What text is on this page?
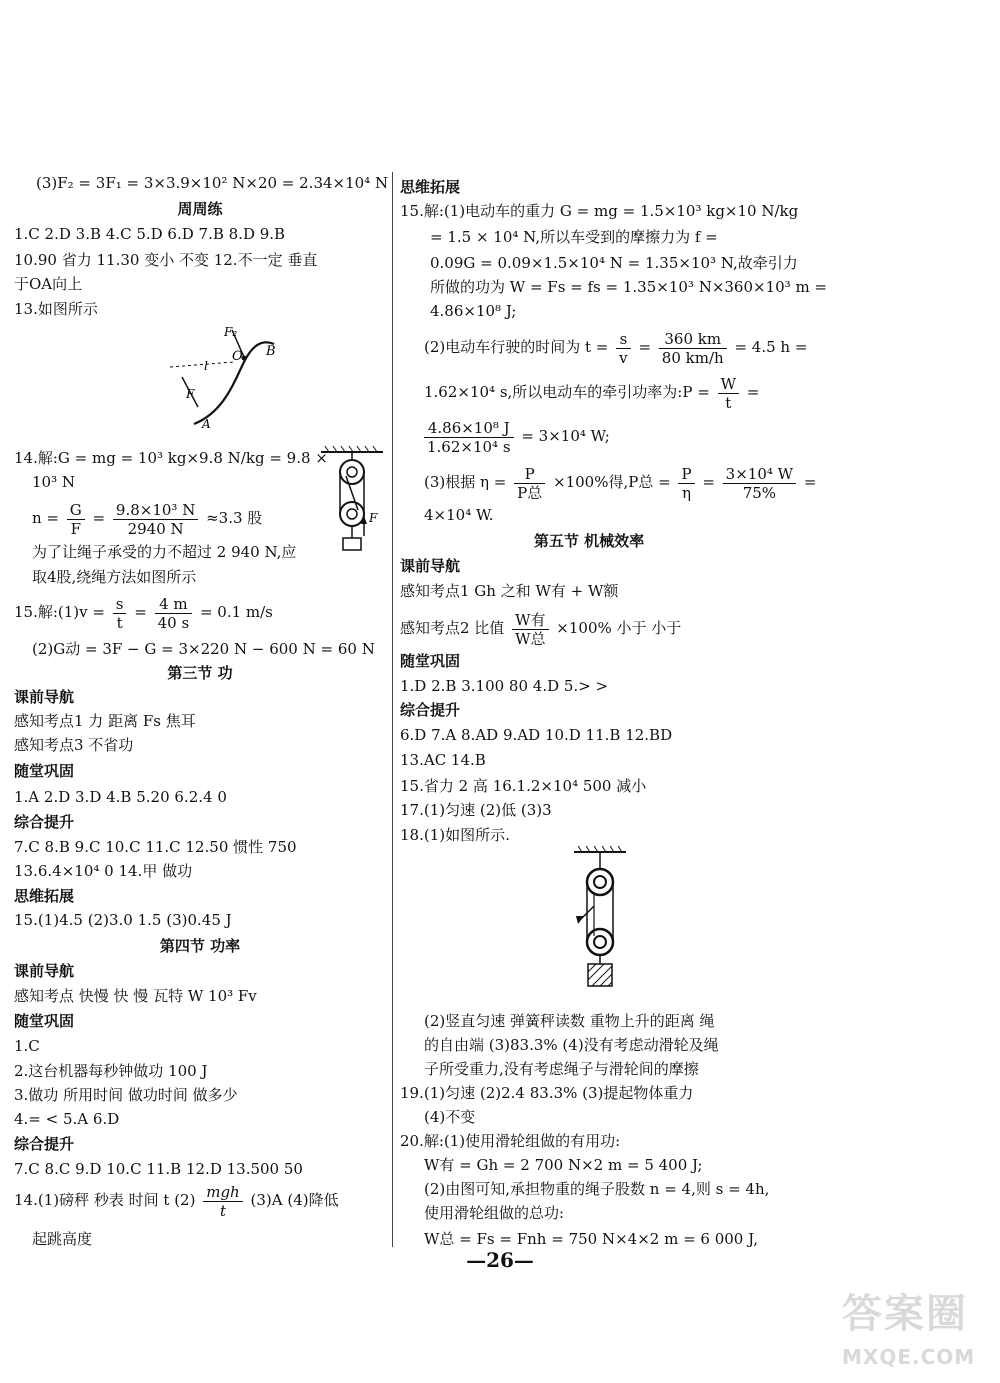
(3)F₂ = 3F₁ = 3×3.9×10² N×20 = 2.34×10⁴ N
周周练
1.C 2.D 3.B 4.C 5.D 6.D 7.B 8.D 9.B
10.90 省力 11.30 变小 不变 12.不一定 垂直
于OA向上
13.如图所示
F₂
O B
l
F
A
14.解:G = mg = 10³ kg×9.8 N/kg = 9.8 ×
10³ N
$n = \frac{G}{F} = \frac{\text{9.8×10³ N}}{2940 N} \approx 3.3$ 股	F
为了让绳子承受的力不超过 2 940 N,应
取4股,绕绳方法如图所示
15.解:(1)v = $\frac{s}{t} = \frac{4 m}{40 s} = 0.1$ m/s
(2)G动 = 3F − G = 3×220 N − 600 N = 60 N
第三节 功
课前导航
感知考点1 力 距离 Fs 焦耳
感知考点3 不省功
随堂巩固
1.A 2.D 3.D 4.B 5.20 6.2.4 0
综合提升
7.C 8.B 9.C 10.C 11.C 12.50 惯性 750
13.6.4×10⁴ 0 14.甲 做功
思维拓展
15.(1)4.5 (2)3.0 1.5 (3)0.45 J
第四节 功率
课前导航
感知考点 快慢 快 慢 瓦特 W 10³ Fv
随堂巩固
1.C
2.这台机器每秒钟做功 100 J
3.做功 所用时间 做功时间 做多少
4.= < 5.A 6.D
综合提升
7.C 8.C 9.D 10.C 11.B 12.D 13.500 50
14.(1)磅秤 秒表 时间 t $(2) \frac{\text{mgh}}{t} (3)A$ (4)降低
起跳高度
思维拓展
15.解:(1)电动车的重力 G = mg = 1.5×10³ kg×10 N/kg
= 1.5 × 10⁴ N,所以车受到的摩擦力为 f =
0.09G = 0.09×1.5×10⁴ N = 1.35×10³ N,故牵引力
所做的功为 W = Fs = fs = 1.35×10³ N×360×10³ m =
4.86×10⁸ J;
(2)电动车行驶的时间为 $t = \frac{s}{v} = \frac{360 km}{80 km/h} = 4.5$ h =
1.62×10⁴ s,所以电动车的牵引功率为:P = $\frac{W}{t}$ =
$\frac{\text{4.86×10⁸ J}}{\text{1.62×10⁴ s}} = 3\times 10^4$ W;
(3)根据 $\eta = \frac{P}{\text{P总}} \times 100\%$得,P总 = $\frac{P}{\eta} = \frac{\text{3×10⁴ W}}{75\%}$ =
4×10⁴ W.
第五节 机械效率
课前导航
感知考点1 Gh 之和 W有 + W额
感知考点2 比值 $\frac{\text{W有}}{\text{W总}} \times 100\%$ 小于 小于
随堂巩固
1.D 2.B 3.100 80 4.D 5.> >
综合提升
6.D 7.A 8.AD 9.AD 10.D 11.B 12.BD
13.AC 14.B
15.省力 2 高 16.1.2×10⁴ 500 减小
17.(1)匀速 (2)低 (3)3
18.(1)如图所示.
(2)竖直匀速 弹簧秤读数 重物上升的距离 绳
的自由端 (3)83.3% (4)没有考虑动滑轮及绳
子所受重力,没有考虑绳子与滑轮间的摩擦
19.(1)匀速 (2)2.4 83.3% (3)提起物体重力
(4)不变
20.解:(1)使用滑轮组做的有用功:
W有 = Gh = 2 700 N×2 m = 5 400 J;
(2)由图可知,承担物重的绳子股数 n = 4,则 s = 4h,
使用滑轮组做的总功:
W总 = Fs = Fnh = 750 N×4×2 m = 6 000 J,
—26—
答案圈
MXQE.COM
